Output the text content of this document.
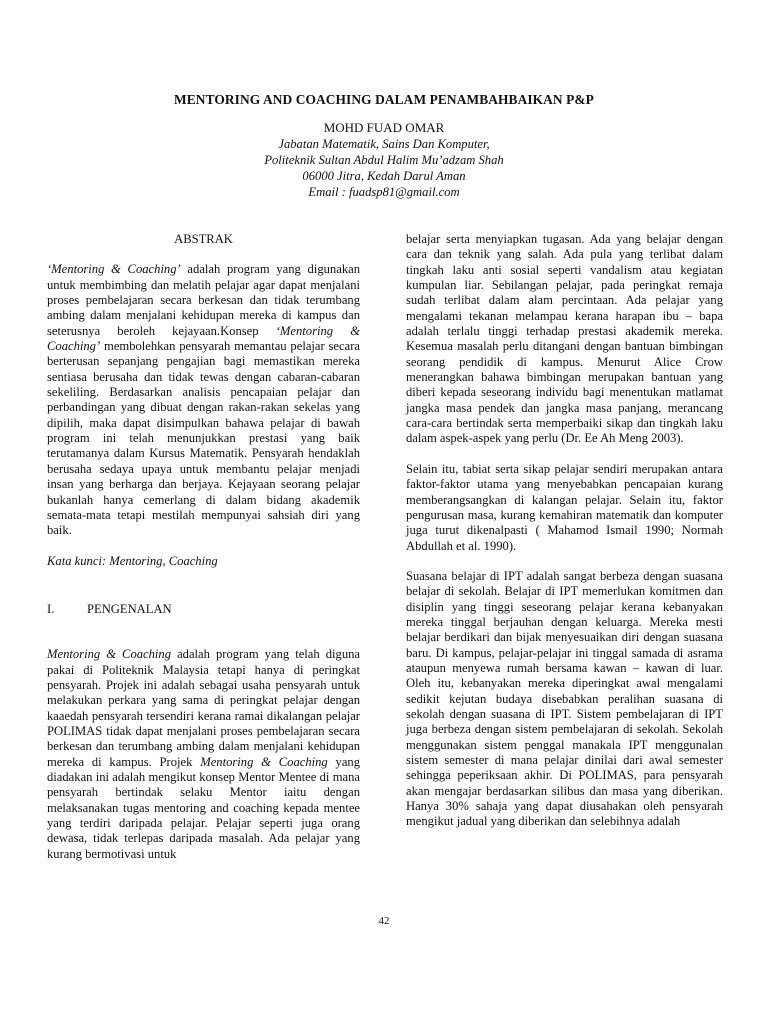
MENTORING AND COACHING DALAM PENAMBAHBAIKAN P&P
MOHD FUAD OMAR
Jabatan Matematik, Sains Dan Komputer,
Politeknik Sultan Abdul Halim Mu’adzam Shah
06000 Jitra, Kedah Darul Aman
Email : fuadsp81@gmail.com

ABSTRAK

‘Mentoring & Coaching’ adalah program yang digunakan untuk membimbing dan melatih pelajar agar dapat menjalani proses pembelajaran secara berkesan dan tidak terumbang ambing dalam menjalani kehidupan mereka di kampus dan seterusnya beroleh kejayaan.Konsep ‘Mentoring & Coaching’ membolehkan pensyarah memantau pelajar secara berterusan sepanjang pengajian bagi memastikan mereka sentiasa berusaha dan tidak tewas dengan cabaran-cabaran sekeliling. Berdasarkan analisis pencapaian pelajar dan perbandingan yang dibuat dengan rakan-rakan sekelas yang dipilih, maka dapat disimpulkan bahawa pelajar di bawah program ini telah menunjukkan prestasi yang baik terutamanya dalam Kursus Matematik. Pensyarah hendaklah berusaha sedaya upaya untuk membantu pelajar menjadi insan yang berharga dan berjaya. Kejayaan seorang pelajar bukanlah hanya cemerlang di dalam bidang akademik semata-mata tetapi mestilah mempunyai sahsiah diri yang baik.

Kata kunci: Mentoring, Coaching

I.	PENGENALAN

Mentoring & Coaching adalah program yang telah diguna pakai di Politeknik Malaysia tetapi hanya di peringkat pensyarah. Projek ini adalah sebagai usaha pensyarah untuk melakukan perkara yang sama di peringkat pelajar dengan kaaedah pensyarah tersendiri kerana ramai dikalangan pelajar POLIMAS tidak dapat menjalani proses pembelajaran secara berkesan dan terumbang ambing dalam menjalani kehidupan mereka di kampus. Projek Mentoring & Coaching yang diadakan ini adalah mengikut konsep Mentor Mentee di mana pensyarah bertindak selaku Mentor iaitu dengan melaksanakan tugas mentoring and coaching kepada mentee yang terdiri daripada pelajar. Pelajar seperti juga orang dewasa, tidak terlepas daripada masalah. Ada pelajar yang kurang bermotivasi untuk

belajar serta menyiapkan tugasan. Ada yang belajar dengan cara dan teknik yang salah. Ada pula yang terlibat dalam tingkah laku anti sosial seperti vandalism atau kegiatan kumpulan liar. Sebilangan pelajar, pada peringkat remaja sudah terlibat dalam alam percintaan. Ada pelajar yang mengalami tekanan melampau kerana harapan ibu – bapa adalah terlalu tinggi terhadap prestasi akademik mereka. Kesemua masalah perlu ditangani dengan bantuan bimbingan seorang pendidik di kampus. Menurut Alice Crow menerangkan bahawa bimbingan merupakan bantuan yang diberi kepada seseorang individu bagi menentukan matlamat jangka masa pendek dan jangka masa panjang, merancang cara-cara bertindak serta memperbaiki sikap dan tingkah laku dalam aspek-aspek yang perlu (Dr. Ee Ah Meng 2003).

Selain itu, tabiat serta sikap pelajar sendiri merupakan antara faktor-faktor utama yang menyebabkan pencapaian kurang memberangsangkan di kalangan pelajar. Selain itu, faktor pengurusan masa, kurang kemahiran matematik dan komputer juga turut dikenalpasti ( Mahamod Ismail 1990; Normah Abdullah et al. 1990).

Suasana belajar di IPT adalah sangat berbeza dengan suasana belajar di sekolah. Belajar di IPT memerlukan komitmen dan disiplin yang tinggi seseorang pelajar kerana kebanyakan mereka tinggal berjauhan dengan keluarga. Mereka mesti belajar berdikari dan bijak menyesuaikan diri dengan suasana baru. Di kampus, pelajar-pelajar ini tinggal samada di asrama ataupun menyewa rumah bersama kawan – kawan di luar. Oleh itu, kebanyakan mereka diperingkat awal mengalami sedikit kejutan budaya disebabkan peralihan suasana di sekolah dengan suasana di IPT. Sistem pembelajaran di IPT juga berbeza dengan sistem pembelajaran di sekolah. Sekolah menggunakan sistem penggal manakala IPT menggunalan sistem semester di mana pelajar dinilai dari awal semester sehingga peperiksaan akhir. Di POLIMAS, para pensyarah akan mengajar berdasarkan silibus dan masa yang diberikan. Hanya 30% sahaja yang dapat diusahakan oleh pensyarah mengikut jadual yang diberikan dan selebihnya adalah

42
